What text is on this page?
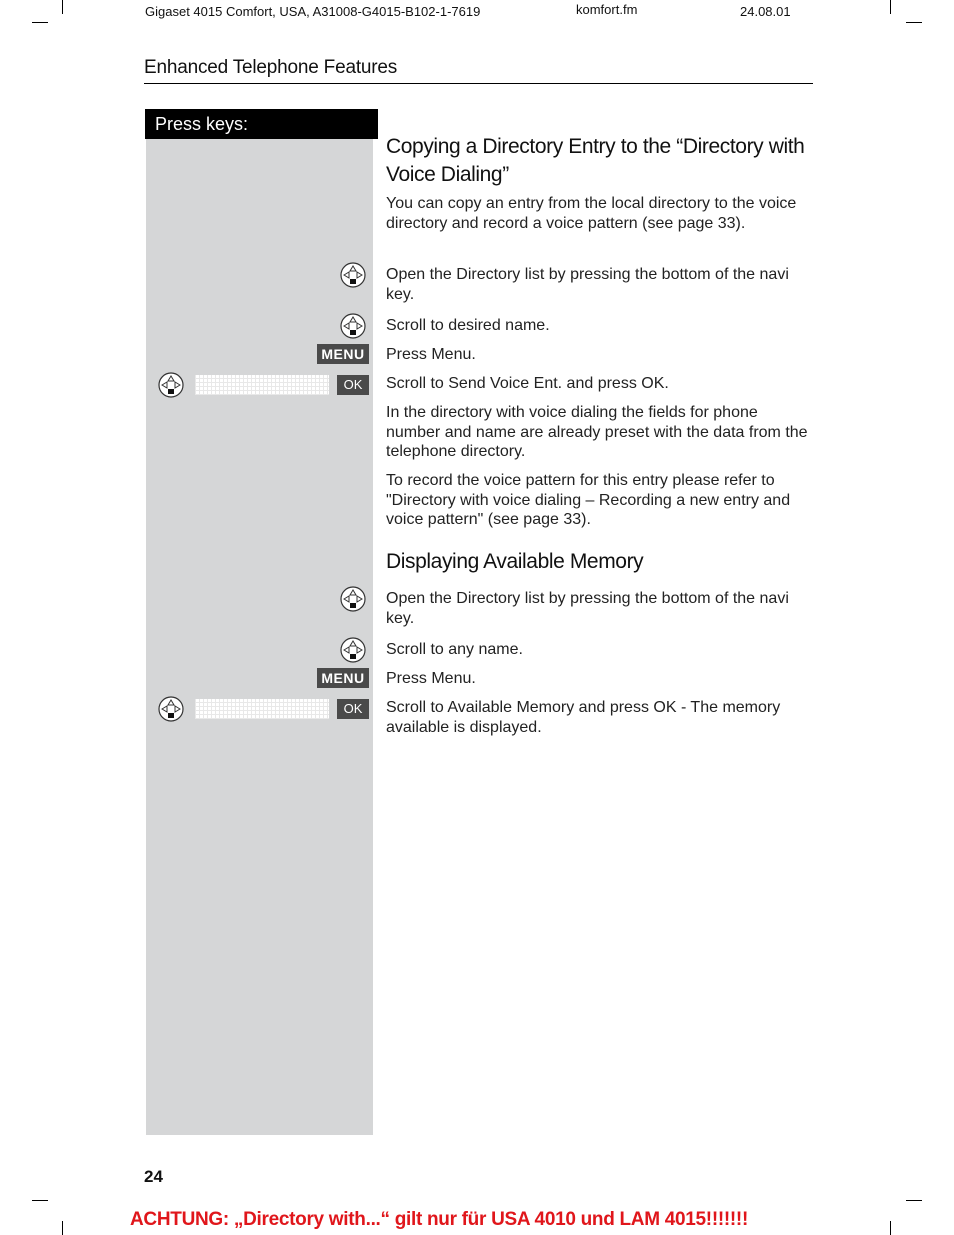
Gigaset 4015 Comfort, USA, A31008-G4015-B102-1-7619	komfort.fm	24.08.01
Enhanced Telephone Features
Press keys:
Copying a Directory Entry to the “Directory with Voice Dialing”
You can copy an entry from the local directory to the voice directory and record a voice pattern (see page 33).
Open the Directory list by pressing the bottom of the navi key.
Scroll to desired name.
MENU Press Menu.
OK	Scroll to Send Voice Ent. and press OK.
In the directory with voice dialing the fields for phone number and name are already preset with the data from the telephone directory.
To record the voice pattern for this entry please refer to "Directory with voice dialing – Recording a new entry and voice pattern" (see page 33).
Displaying Available Memory
Open the Directory list by pressing the bottom of the navi key.
Scroll to any name.
MENU Press Menu.
OK	Scroll to Available Memory and press OK - The memory available is displayed.
24
ACHTUNG: „Directory with...“ gilt nur für USA 4010 und LAM 4015!!!!!!!
